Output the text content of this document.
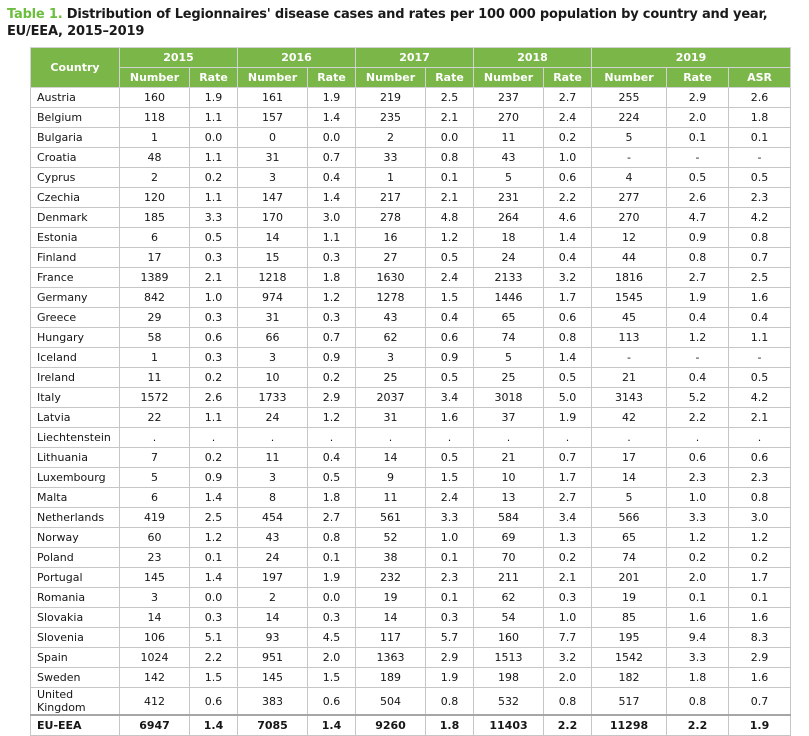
Table 1. Distribution of Legionnaires' disease cases and rates per 100 000 population by country and year, EU/EEA, 2015–2019
Country	2015		2016		2017		2018		2019		
	Number	Rate	Number	Rate	Number	Rate	Number	Rate	Number	Rate	ASR
Austria	160	1.9	161	1.9	219	2.5	237	2.7	255	2.9	2.6
Belgium	118	1.1	157	1.4	235	2.1	270	2.4	224	2.0	1.8
Bulgaria	1	0.0	0	0.0	2	0.0	11	0.2	5	0.1	0.1
Croatia	48	1.1	31	0.7	33	0.8	43	1.0	-	-	-
Cyprus	2	0.2	3	0.4	1	0.1	5	0.6	4	0.5	0.5
Czechia	120	1.1	147	1.4	217	2.1	231	2.2	277	2.6	2.3
Denmark	185	3.3	170	3.0	278	4.8	264	4.6	270	4.7	4.2
Estonia	6	0.5	14	1.1	16	1.2	18	1.4	12	0.9	0.8
Finland	17	0.3	15	0.3	27	0.5	24	0.4	44	0.8	0.7
France	1389	2.1	1218	1.8	1630	2.4	2133	3.2	1816	2.7	2.5
Germany	842	1.0	974	1.2	1278	1.5	1446	1.7	1545	1.9	1.6
Greece	29	0.3	31	0.3	43	0.4	65	0.6	45	0.4	0.4
Hungary	58	0.6	66	0.7	62	0.6	74	0.8	113	1.2	1.1
Iceland	1	0.3	3	0.9	3	0.9	5	1.4	-	-	-
Ireland	11	0.2	10	0.2	25	0.5	25	0.5	21	0.4	0.5
Italy	1572	2.6	1733	2.9	2037	3.4	3018	5.0	3143	5.2	4.2
Latvia	22	1.1	24	1.2	31	1.6	37	1.9	42	2.2	2.1
Liechtenstein	.	.	.	.	.	.	.	.	.	.	.
Lithuania	7	0.2	11	0.4	14	0.5	21	0.7	17	0.6	0.6
Luxembourg	5	0.9	3	0.5	9	1.5	10	1.7	14	2.3	2.3
Malta	6	1.4	8	1.8	11	2.4	13	2.7	5	1.0	0.8
Netherlands	419	2.5	454	2.7	561	3.3	584	3.4	566	3.3	3.0
Norway	60	1.2	43	0.8	52	1.0	69	1.3	65	1.2	1.2
Poland	23	0.1	24	0.1	38	0.1	70	0.2	74	0.2	0.2
Portugal	145	1.4	197	1.9	232	2.3	211	2.1	201	2.0	1.7
Romania	3	0.0	2	0.0	19	0.1	62	0.3	19	0.1	0.1
Slovakia	14	0.3	14	0.3	14	0.3	54	1.0	85	1.6	1.6
Slovenia	106	5.1	93	4.5	117	5.7	160	7.7	195	9.4	8.3
Spain	1024	2.2	951	2.0	1363	2.9	1513	3.2	1542	3.3	2.9
Sweden	142	1.5	145	1.5	189	1.9	198	2.0	182	1.8	1.6
United Kingdom	412	0.6	383	0.6	504	0.8	532	0.8	517	0.8	0.7
EU-EEA	6947	1.4	7085	1.4	9260	1.8	11403	2.2	11298	2.2	1.9
